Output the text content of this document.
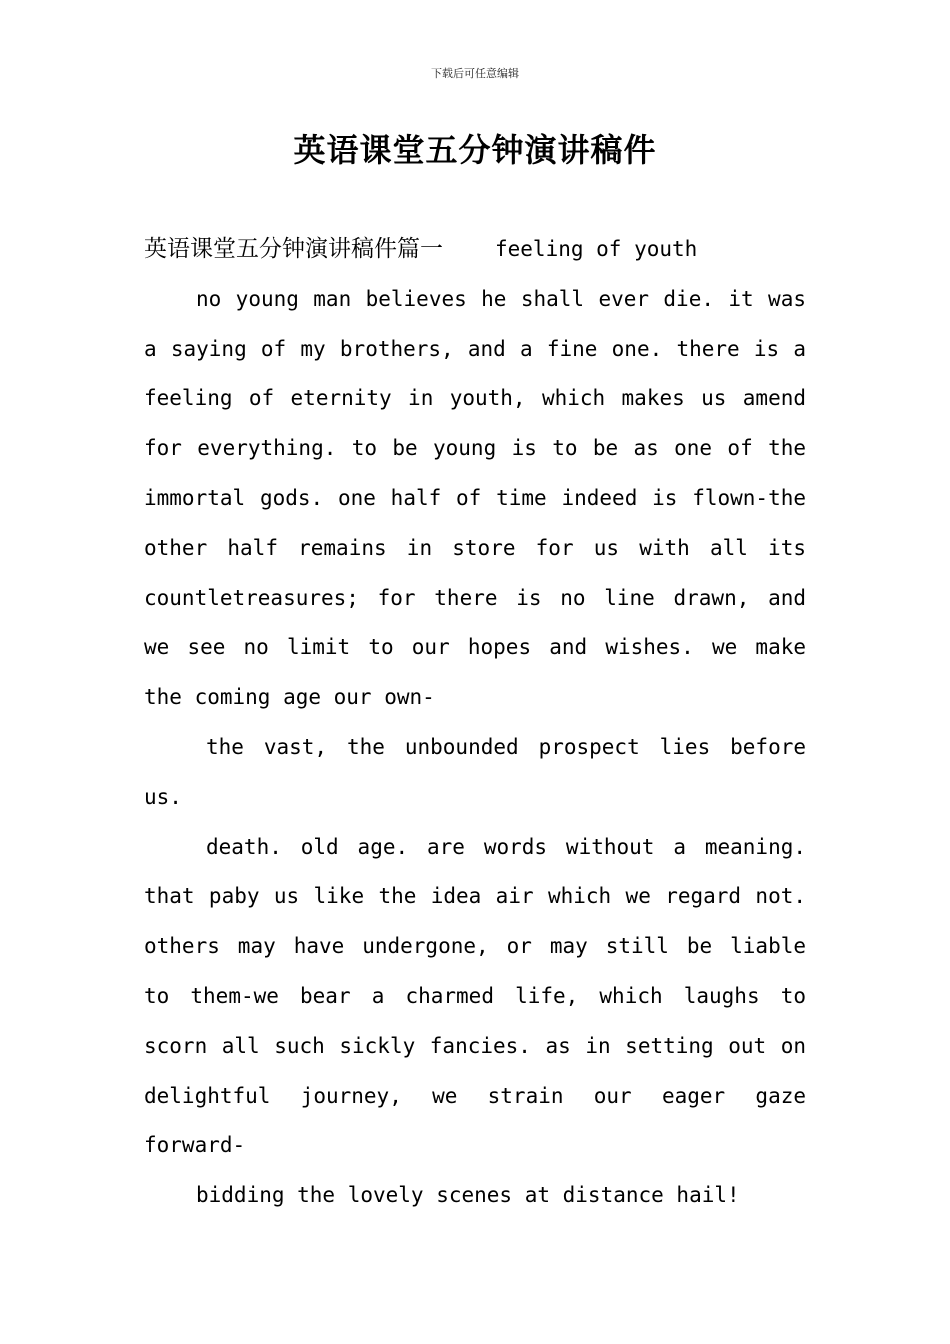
下载后可任意编辑
英语课堂五分钟演讲稿件
英语课堂五分钟演讲稿件篇一 feeling of youth
no young man believes he shall ever die. it was
a saying of my brothers, and a fine one. there is a
feeling of eternity in youth, which makes us amend
for everything. to be young is to be as one of the
immortal gods. one half of time indeed is flown-the
other half remains in store for us with all its
countletreasures; for there is no line drawn, and
we see no limit to our hopes and wishes. we make
the coming age our own-
the vast, the unbounded prospect lies before
us.
death. old age. are words without a meaning.
that paby us like the idea air which we regard not.
others may have undergone, or may still be liable
to them-we bear a charmed life, which laughs to
scorn all such sickly fancies. as in setting out on
delightful journey, we strain our eager gaze
forward-
bidding the lovely scenes at distance hail!
